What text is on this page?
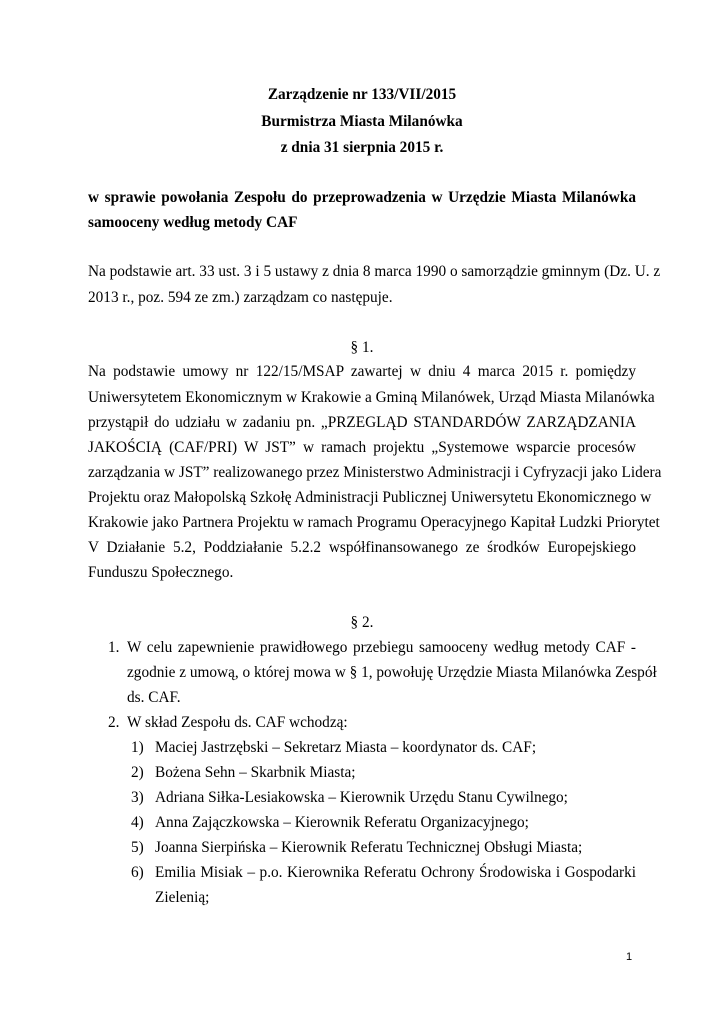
Zarządzenie nr 133/VII/2015
Burmistrza Miasta Milanówka
z dnia 31 sierpnia 2015 r.
w sprawie powołania Zespołu do przeprowadzenia w Urzędzie Miasta Milanówka
samooceny według metody CAF
Na podstawie art. 33 ust. 3 i 5 ustawy z dnia 8 marca 1990 o samorządzie gminnym (Dz. U. z
2013 r., poz. 594 ze zm.) zarządzam co następuje.
§ 1.
Na podstawie umowy nr 122/15/MSAP zawartej w dniu 4 marca 2015 r. pomiędzy
Uniwersytetem Ekonomicznym w Krakowie a Gminą Milanówek, Urząd Miasta Milanówka
przystąpił do udziału w zadaniu pn. „PRZEGLĄD STANDARDÓW ZARZĄDZANIA
JAKOŚCIĄ (CAF/PRI) W JST” w ramach projektu „Systemowe wsparcie procesów
zarządzania w JST” realizowanego przez Ministerstwo Administracji i Cyfryzacji jako Lidera
Projektu oraz Małopolską Szkołę Administracji Publicznej Uniwersytetu Ekonomicznego w
Krakowie jako Partnera Projektu w ramach Programu Operacyjnego Kapitał Ludzki Priorytet
V Działanie 5.2, Poddziałanie 5.2.2 współfinansowanego ze środków Europejskiego
Funduszu Społecznego.
§ 2.
1. W celu zapewnienie prawidłowego przebiegu samooceny według metody CAF -
zgodnie z umową, o której mowa w § 1, powołuję Urzędzie Miasta Milanówka Zespół
ds. CAF.
2. W skład Zespołu ds. CAF wchodzą:
1) Maciej Jastrzębski – Sekretarz Miasta – koordynator ds. CAF;
2) Bożena Sehn – Skarbnik Miasta;
3) Adriana Siłka-Lesiakowska – Kierownik Urzędu Stanu Cywilnego;
4) Anna Zajączkowska – Kierownik Referatu Organizacyjnego;
5) Joanna Sierpińska – Kierownik Referatu Technicznej Obsługi Miasta;
6) Emilia Misiak – p.o. Kierownika Referatu Ochrony Środowiska i Gospodarki
Zielenią;
1
